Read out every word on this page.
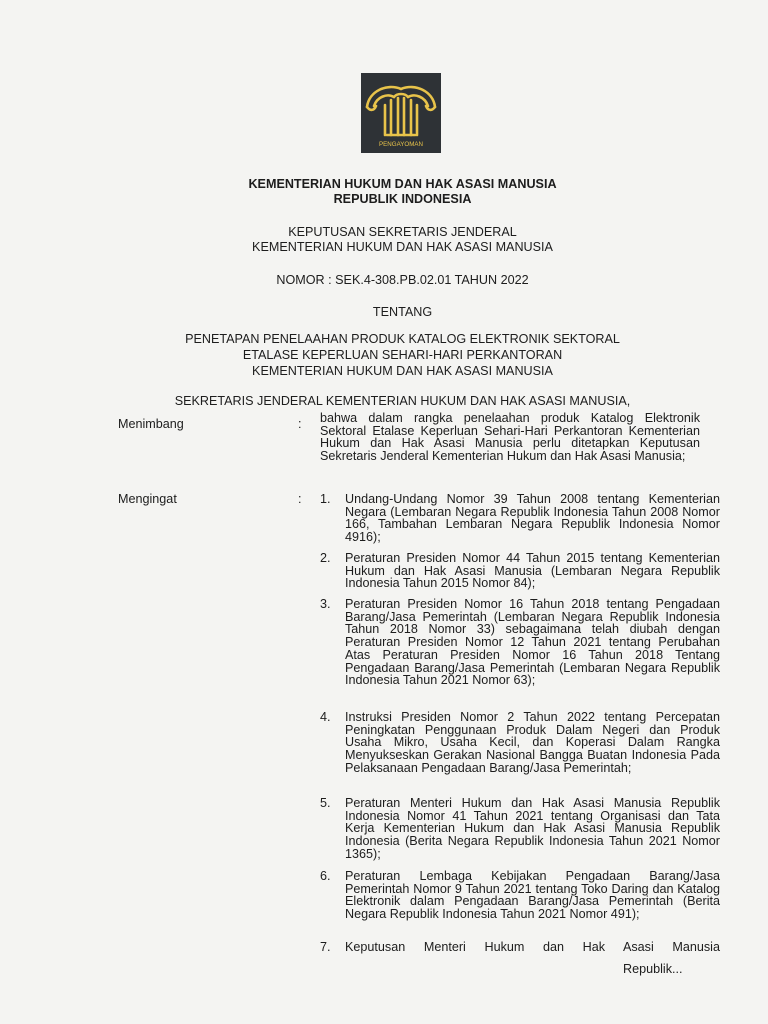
PENGAYOMAN
KEMENTERIAN HUKUM DAN HAK ASASI MANUSIA
REPUBLIK INDONESIA
KEPUTUSAN SEKRETARIS JENDERAL
KEMENTERIAN HUKUM DAN HAK ASASI MANUSIA
NOMOR : SEK.4-308.PB.02.01 TAHUN 2022
TENTANG
PENETAPAN PENELAAHAN PRODUK KATALOG ELEKTRONIK SEKTORAL
ETALASE KEPERLUAN SEHARI-HARI PERKANTORAN
KEMENTERIAN HUKUM DAN HAK ASASI MANUSIA
SEKRETARIS JENDERAL KEMENTERIAN HUKUM DAN HAK ASASI MANUSIA,
Menimbang	: bahwa dalam rangka penelaahan produk Katalog Elektronik Sektoral Etalase Keperluan Sehari-Hari Perkantoran Kementerian Hukum dan Hak Asasi Manusia perlu ditetapkan Keputusan Sekretaris Jenderal Kementerian Hukum dan Hak Asasi Manusia;
Mengingat	: 1.	Undang-Undang Nomor 39 Tahun 2008 tentang Kementerian Negara (Lembaran Negara Republik Indonesia Tahun 2008 Nomor 166, Tambahan Lembaran Negara Republik Indonesia Nomor 4916);
2.	Peraturan Presiden Nomor 44 Tahun 2015 tentang Kementerian Hukum dan Hak Asasi Manusia (Lembaran Negara Republik Indonesia Tahun 2015 Nomor 84);
3.	Peraturan Presiden Nomor 16 Tahun 2018 tentang Pengadaan Barang/Jasa Pemerintah (Lembaran Negara Republik Indonesia Tahun 2018 Nomor 33) sebagaimana telah diubah dengan Peraturan Presiden Nomor 12 Tahun 2021 tentang Perubahan Atas Peraturan Presiden Nomor 16 Tahun 2018 Tentang Pengadaan Barang/Jasa Pemerintah (Lembaran Negara Republik Indonesia Tahun 2021 Nomor 63);
4.	Instruksi Presiden Nomor 2 Tahun 2022 tentang Percepatan Peningkatan Penggunaan Produk Dalam Negeri dan Produk Usaha Mikro, Usaha Kecil, dan Koperasi Dalam Rangka Menyukseskan Gerakan Nasional Bangga Buatan Indonesia Pada Pelaksanaan Pengadaan Barang/Jasa Pemerintah;
5.	Peraturan Menteri Hukum dan Hak Asasi Manusia Republik Indonesia Nomor 41 Tahun 2021 tentang Organisasi dan Tata Kerja Kementerian Hukum dan Hak Asasi Manusia Republik Indonesia (Berita Negara Republik Indonesia Tahun 2021 Nomor 1365);
6.	Peraturan Lembaga Kebijakan Pengadaan Barang/Jasa Pemerintah Nomor 9 Tahun 2021 tentang Toko Daring dan Katalog Elektronik dalam Pengadaan Barang/Jasa Pemerintah (Berita Negara Republik Indonesia Tahun 2021 Nomor 491);
7.	Keputusan Menteri Hukum dan Hak Asasi Manusia
Republik...
